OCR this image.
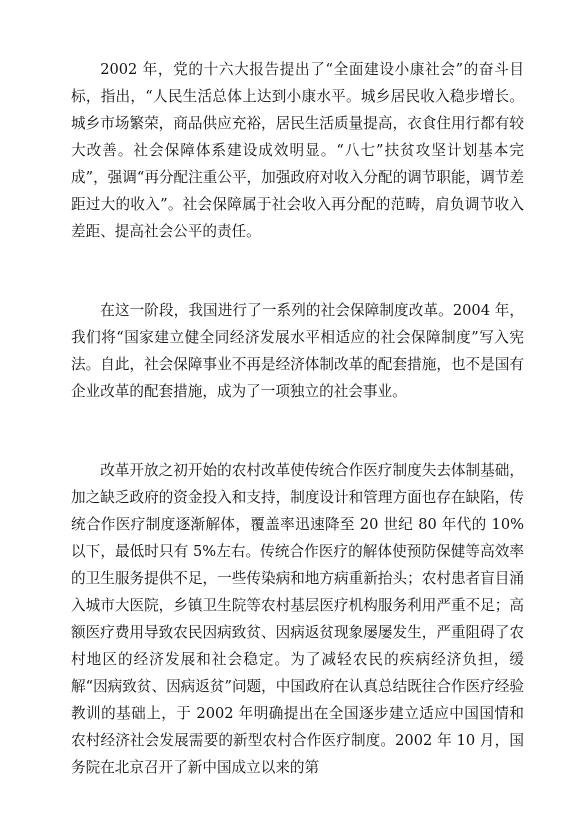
2002 年，党的十六大报告提出了“全面建设小康社会”的奋斗目标，指出，“人民生活总体上达到小康水平。城乡居民收入稳步增长。城乡市场繁荣，商品供应充裕，居民生活质量提高，衣食住用行都有较大改善。社会保障体系建设成效明显。“八七”扶贫攻坚计划基本完成”，强调“再分配注重公平，加强政府对收入分配的调节职能，调节差距过大的收入”。社会保障属于社会收入再分配的范畴，肩负调节收入差距、提高社会公平的责任。

在这一阶段，我国进行了一系列的社会保障制度改革。2004 年，我们将“国家建立健全同经济发展水平相适应的社会保障制度”写入宪法。自此，社会保障事业不再是经济体制改革的配套措施，也不是国有企业改革的配套措施，成为了一项独立的社会事业。

改革开放之初开始的农村改革使传统合作医疗制度失去体制基础，加之缺乏政府的资金投入和支持，制度设计和管理方面也存在缺陷，传统合作医疗制度逐渐解体，覆盖率迅速降至 20 世纪 80 年代的 10%以下，最低时只有 5%左右。传统合作医疗的解体使预防保健等高效率的卫生服务提供不足，一些传染病和地方病重新抬头；农村患者盲目涌入城市大医院，乡镇卫生院等农村基层医疗机构服务利用严重不足；高额医疗费用导致农民因病致贫、因病返贫现象屡屡发生，严重阻碍了农村地区的经济发展和社会稳定。为了减轻农民的疾病经济负担，缓解“因病致贫、因病返贫”问题，中国政府在认真总结既往合作医疗经验教训的基础上，于 2002 年明确提出在全国逐步建立适应中国国情和农村经济社会发展需要的新型农村合作医疗制度。2002 年 10 月，国务院在北京召开了新中国成立以来的第
